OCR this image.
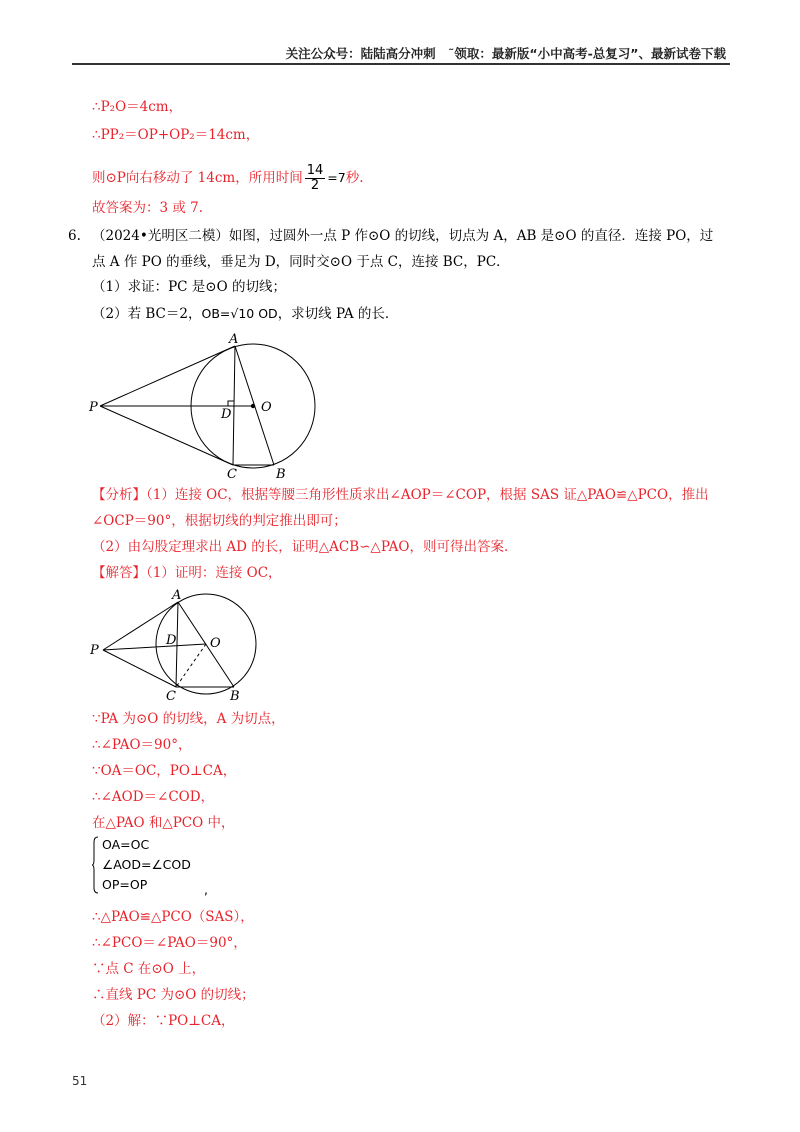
关注公众号：陆陆高分冲刺　˜领取：最新版“小中高考-总复习”、最新试卷下载
∴P₂O＝4cm，
∴PP₂＝OP+OP₂＝14cm，
则⊙P向右移动了 14cm，所用时间 $\frac{14}{2} =7$秒.
故答案为：3 或 7.
6. （2024•光明区二模）如图，过圆外一点 P 作⊙O 的切线，切点为 A，AB 是⊙O 的直径．连接 PO，过
点 A 作 PO 的垂线，垂足为 D，同时交⊙O 于点 C，连接 BC，PC．
（1）求证：PC 是⊙O 的切线；
（2）若 BC＝2，OB=√10 OD，求切线 PA 的长．
A
B
C
D O
P
A
B
C
D	O
P
【分析】（1）连接 OC，根据等腰三角形性质求出∠AOP＝∠COP，根据 SAS 证△PAO≌△PCO，推出
∠OCP＝90°，根据切线的判定推出即可；
（2）由勾股定理求出 AD 的长，证明△ACB∽△PAO，则可得出答案．
【解答】（1）证明：连接 OC，
∵PA 为⊙O 的切线，A 为切点，
∴∠PAO＝90°，
∵OA＝OC，PO⊥CA，
∴∠AOD＝∠COD，
在△PAO 和△PCO 中，
OA=OC
∠AOD=∠COD
OP=OP	,
∴△PAO≌△PCO（SAS），
∴∠PCO＝∠PAO＝90°，
∵点 C 在⊙O 上，
∴直线 PC 为⊙O 的切线；
（2）解：∵PO⊥CA，
51
